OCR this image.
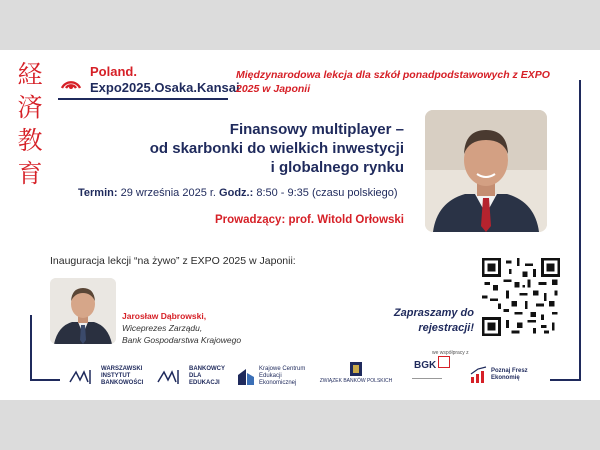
経
済
教
育
Poland.
Expo2025.Osaka.Kansai
Międzynarodowa lekcja dla szkół ponadpodstawowych z EXPO 2025 w Japonii
Finansowy multiplayer –
od skarbonki do wielkich inwestycji
i globalnego rynku
Termin: 29 września 2025 r. Godz.: 8:50 - 9:35 (czasu polskiego)
Prowadzący: prof. Witold Orłowski
Inauguracja lekcji “na żywo” z EXPO 2025 w Japonii:
Jarosław Dąbrowski,
Wiceprezes Zarządu,
Bank Gospodarstwa Krajowego
Zapraszamy do
rejestracji!
we współpracy z
WARSZAWSKI INSTYTUT BANKOWOŚCI
BANKOWCY DLA EDUKACJI
Krajowe Centrum Edukacji Ekonomicznej	ZWIĄZEK BANKÓW POLSKICH
BGK	Poznaj Fresz Ekonomię
